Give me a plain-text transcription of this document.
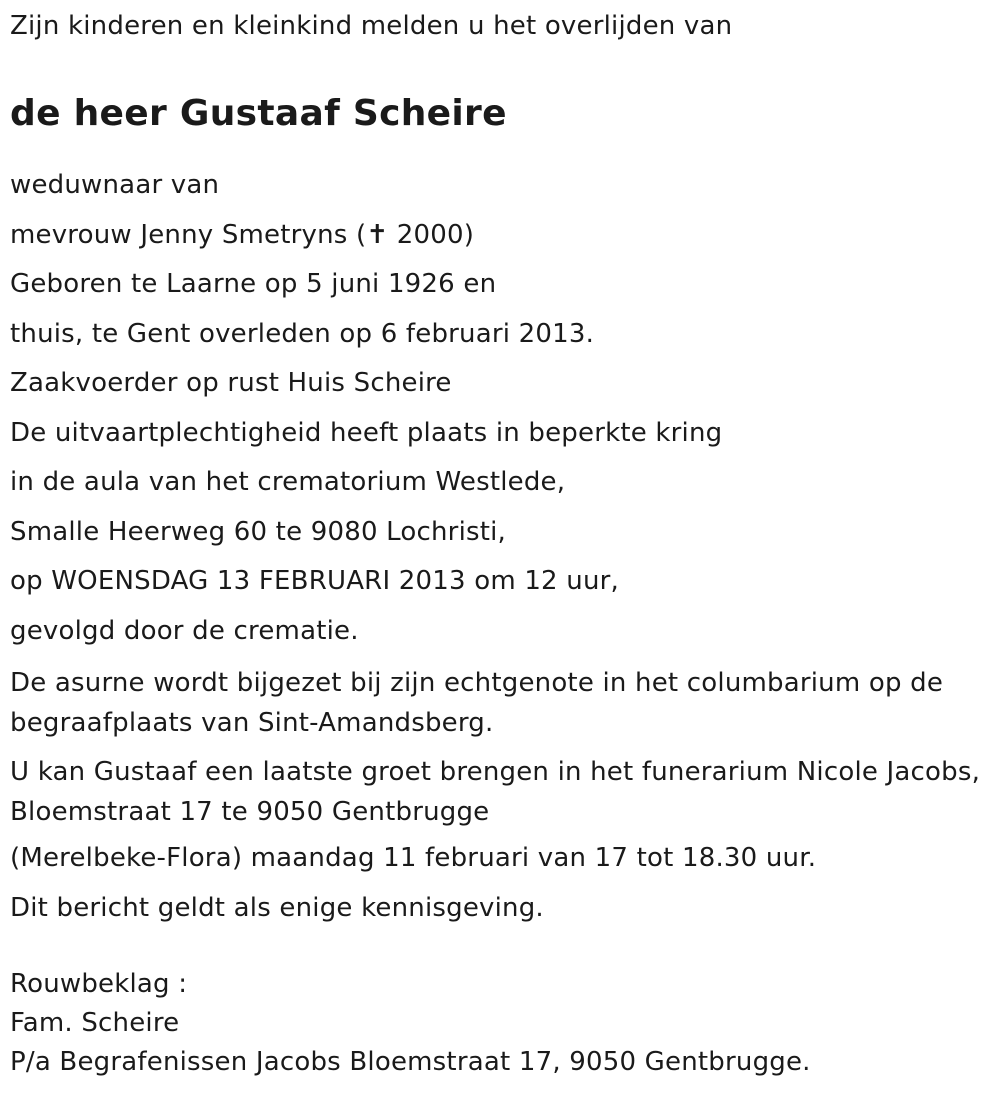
Zijn kinderen en kleinkind melden u het overlijden van
de heer Gustaaf Scheire
weduwnaar van
mevrouw Jenny Smetryns (✝ 2000)
Geboren te Laarne op 5 juni 1926 en
thuis, te Gent overleden op 6 februari 2013.
Zaakvoerder op rust Huis Scheire
De uitvaartplechtigheid heeft plaats in beperkte kring
in de aula van het crematorium Westlede,
Smalle Heerweg 60 te 9080 Lochristi,
op WOENSDAG 13 FEBRUARI 2013 om 12 uur,
gevolgd door de crematie.
De asurne wordt bijgezet bij zijn echtgenote in het columbarium op de begraafplaats van Sint-Amandsberg.
U kan Gustaaf een laatste groet brengen in het funerarium Nicole Jacobs, Bloemstraat 17 te 9050 Gentbrugge
(Merelbeke-Flora) maandag 11 februari van 17 tot 18.30 uur.
Dit bericht geldt als enige kennisgeving.
Rouwbeklag :
Fam. Scheire
P/a Begrafenissen Jacobs Bloemstraat 17, 9050 Gentbrugge.
